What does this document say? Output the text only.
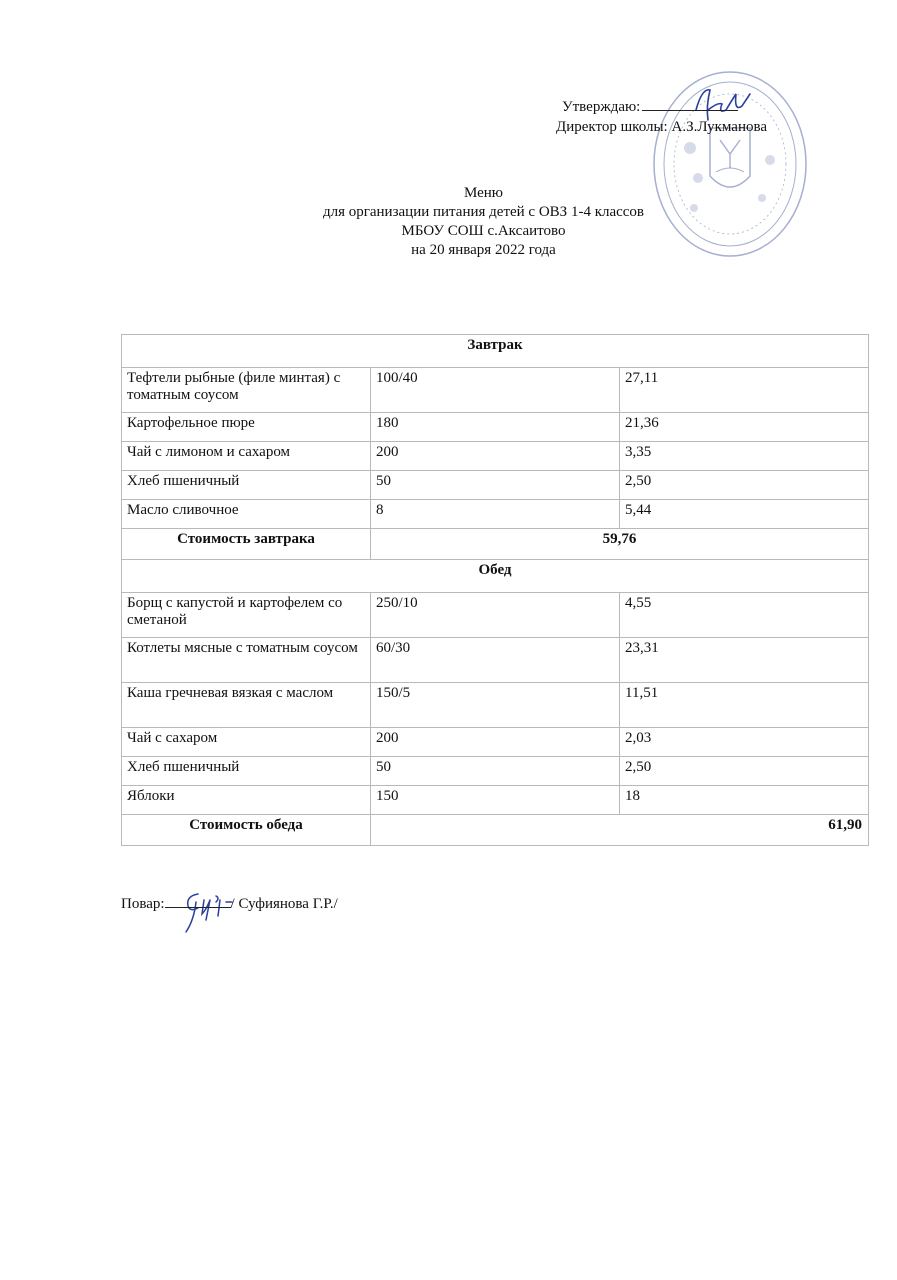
Утверждаю:
Директор школы: А.З.Лукманова
Меню
для организации питания детей с ОВЗ 1-4 классов
МБОУ СОШ с.Аксаитово
на 20 января 2022 года
Завтрак		
Тефтели рыбные (филе минтая) с томатным соусом	100/40	27,11
Картофельное пюре	180	21,36
Чай с лимоном и сахаром	200	3,35
Хлеб пшеничный	50	2,50
Масло сливочное	8	5,44
Стоимость завтрака	59,76	
Обед		
Борщ с капустой и картофелем со сметаной	250/10	4,55
Котлеты мясные с томатным соусом	60/30	23,31
Каша гречневая вязкая с маслом	150/5	11,51
Чай с сахаром	200	2,03
Хлеб пшеничный	50	2,50
Яблоки	150	18
Стоимость обеда	61,90	
Повар:	/ Суфиянова Г.Р./
